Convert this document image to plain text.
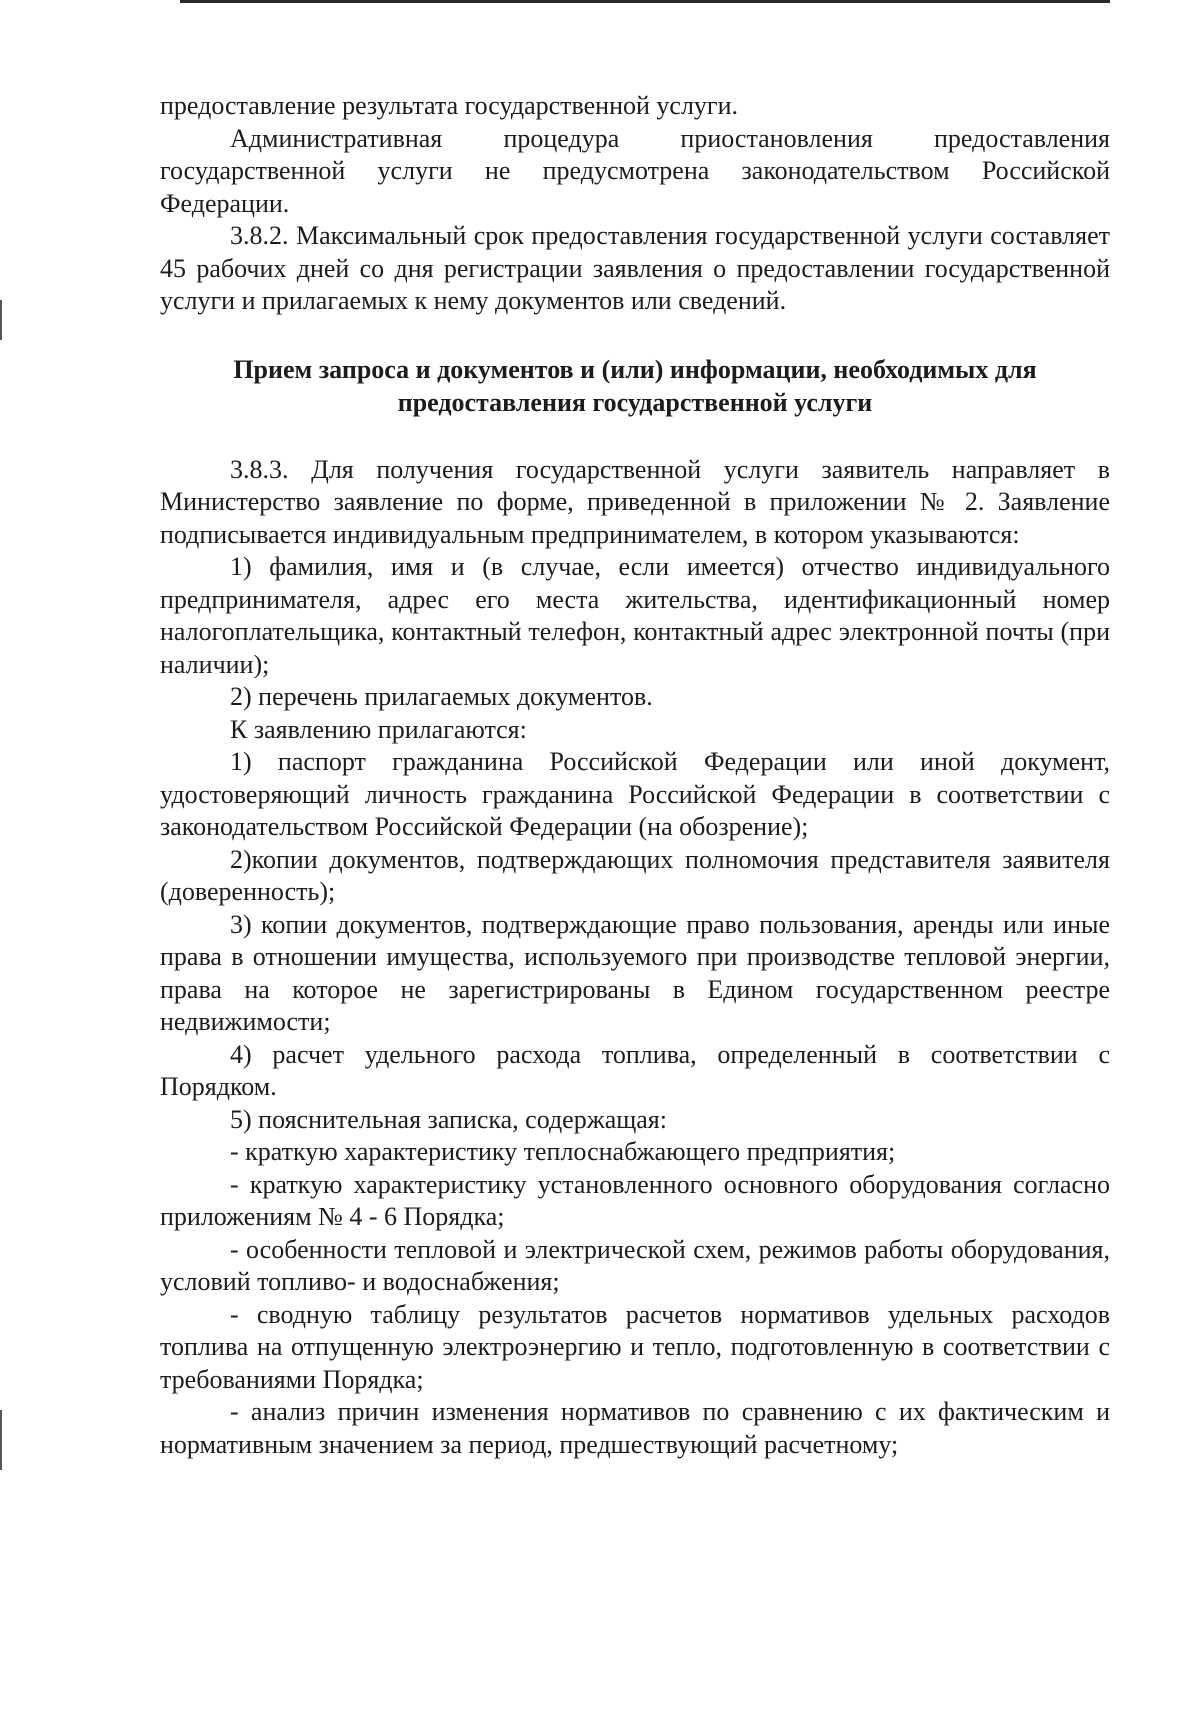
предоставление результата государственной услуги.

Административная процедура приостановления предоставления государственной услуги не предусмотрена законодательством Российской Федерации.

3.8.2. Максимальный срок предоставления государственной услуги составляет 45 рабочих дней со дня регистрации заявления о предоставлении государственной услуги и прилагаемых к нему документов или сведений.

Прием запроса и документов и (или) информации, необходимых для предоставления государственной услуги

3.8.3. Для получения государственной услуги заявитель направляет в Министерство заявление по форме, приведенной в приложении № 2. Заявление подписывается индивидуальным предпринимателем, в котором указываются:

1) фамилия, имя и (в случае, если имеется) отчество индивидуального предпринимателя, адрес его места жительства, идентификационный номер налогоплательщика, контактный телефон, контактный адрес электронной почты (при наличии);

2) перечень прилагаемых документов.

К заявлению прилагаются:

1) паспорт гражданина Российской Федерации или иной документ, удостоверяющий личность гражданина Российской Федерации в соответствии с законодательством Российской Федерации (на обозрение);

2)копии документов, подтверждающих полномочия представителя заявителя (доверенность);

3) копии документов, подтверждающие право пользования, аренды или иные права в отношении имущества, используемого при производстве тепловой энергии, права на которое не зарегистрированы в Едином государственном реестре недвижимости;

4) расчет удельного расхода топлива, определенный в соответствии с Порядком.

5) пояснительная записка, содержащая:

- краткую характеристику теплоснабжающего предприятия;

- краткую характеристику установленного основного оборудования согласно приложениям № 4 - 6 Порядка;

- особенности тепловой и электрической схем, режимов работы оборудования, условий топливо- и водоснабжения;

- сводную таблицу результатов расчетов нормативов удельных расходов топлива на отпущенную электроэнергию и тепло, подготовленную в соответствии с требованиями Порядка;

- анализ причин изменения нормативов по сравнению с их фактическим и нормативным значением за период, предшествующий расчетному;
